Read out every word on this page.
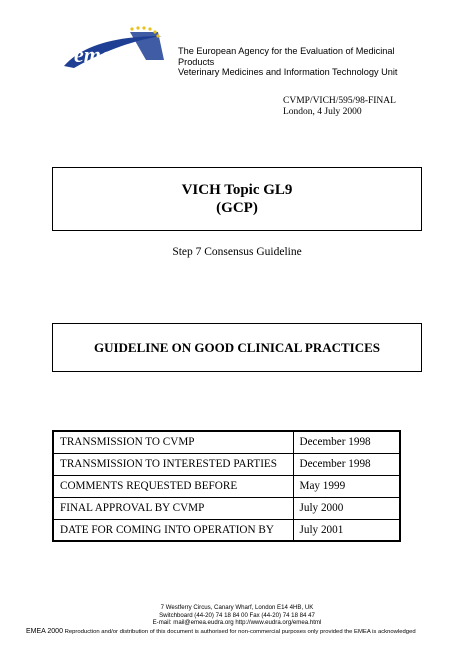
emea	The European Agency for the Evaluation of Medicinal
Products
Veterinary Medicines and Information Technology Unit
CVMP/VICH/595/98-FINAL
London, 4 July 2000
VICH Topic GL9
(GCP)
Step 7 Consensus Guideline
GUIDELINE ON GOOD CLINICAL PRACTICES
TRANSMISSION TO CVMP	December 1998
TRANSMISSION TO INTERESTED PARTIES	December 1998
COMMENTS REQUESTED BEFORE	May 1999
FINAL APPROVAL BY CVMP	July 2000
DATE FOR COMING INTO OPERATION BY	July 2001
7 Westferry Circus, Canary Wharf, London E14 4HB, UK
Switchboard (44-20) 74 18 84 00 Fax (44-20) 74 18 84 47
E-mail: mail@emea.eudra.org http://www.eudra.org/emea.html
EMEA 2000 Reproduction and/or distribution of this document is authorised for non-commercial purposes only provided the EMEA is acknowledged
